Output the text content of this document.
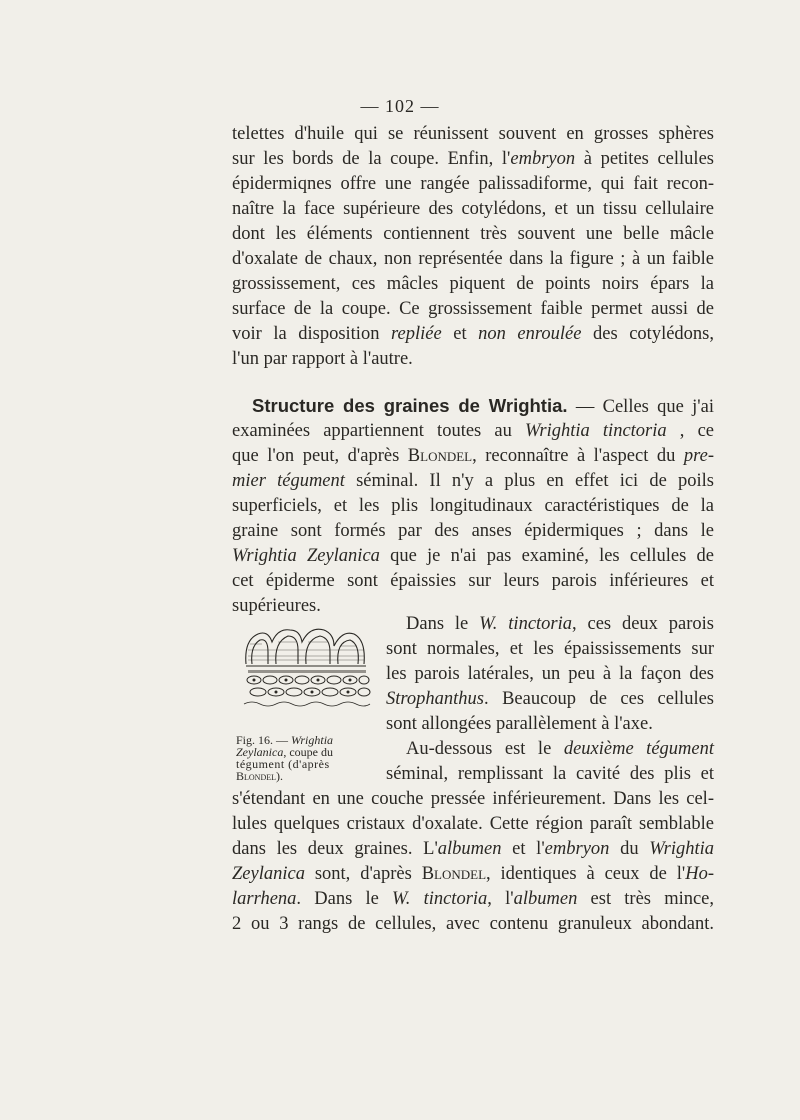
— 102 —
telettes d'huile qui se réunissent souvent en grosses sphères
sur les bords de la coupe. Enfin, l'embryon à petites cellules
épidermiqnes offre une rangée palissadiforme, qui fait recon-
naître la face supérieure des cotylédons, et un tissu cellulaire
dont les éléments contiennent très souvent une belle mâcle
d'oxalate de chaux, non représentée dans la figure ; à un faible
grossissement, ces mâcles piquent de points noirs épars la
surface de la coupe. Ce grossissement faible permet aussi de
voir la disposition repliée et non enroulée des cotylédons,
l'un par rapport à l'autre.
Structure des graines de Wrightia. — Celles que j'ai
examinées appartiennent toutes au Wrightia tinctoria , ce
que l'on peut, d'après Blondel, reconnaître à l'aspect du pre-
mier tégument séminal. Il n'y a plus en effet ici de poils
superficiels, et les plis longitudinaux caractéristiques de la
graine sont formés par des anses épidermiques ; dans le
Wrightia Zeylanica que je n'ai pas examiné, les cellules de
cet épiderme sont épaissies sur leurs parois inférieures et
supérieures.
Dans le W. tinctoria, ces deux parois
sont normales, et les épaississements sur
les parois latérales, un peu à la façon des
Strophanthus. Beaucoup de ces cellules
sont allongées parallèlement à l'axe.
Fig. 16. — Wrightia
Zeylanica, coupe du
tégument (d'après
Blondel).
Au-dessous est le deuxième tégument
séminal, remplissant la cavité des plis et
s'étendant en une couche pressée inférieurement. Dans les cel-
lules quelques cristaux d'oxalate. Cette région paraît semblable
dans les deux graines. L'albumen et l'embryon du Wrightia
Zeylanica sont, d'après Blondel, identiques à ceux de l'Ho-
larrhena. Dans le W. tinctoria, l'albumen est très mince,
2 ou 3 rangs de cellules, avec contenu granuleux abondant.
